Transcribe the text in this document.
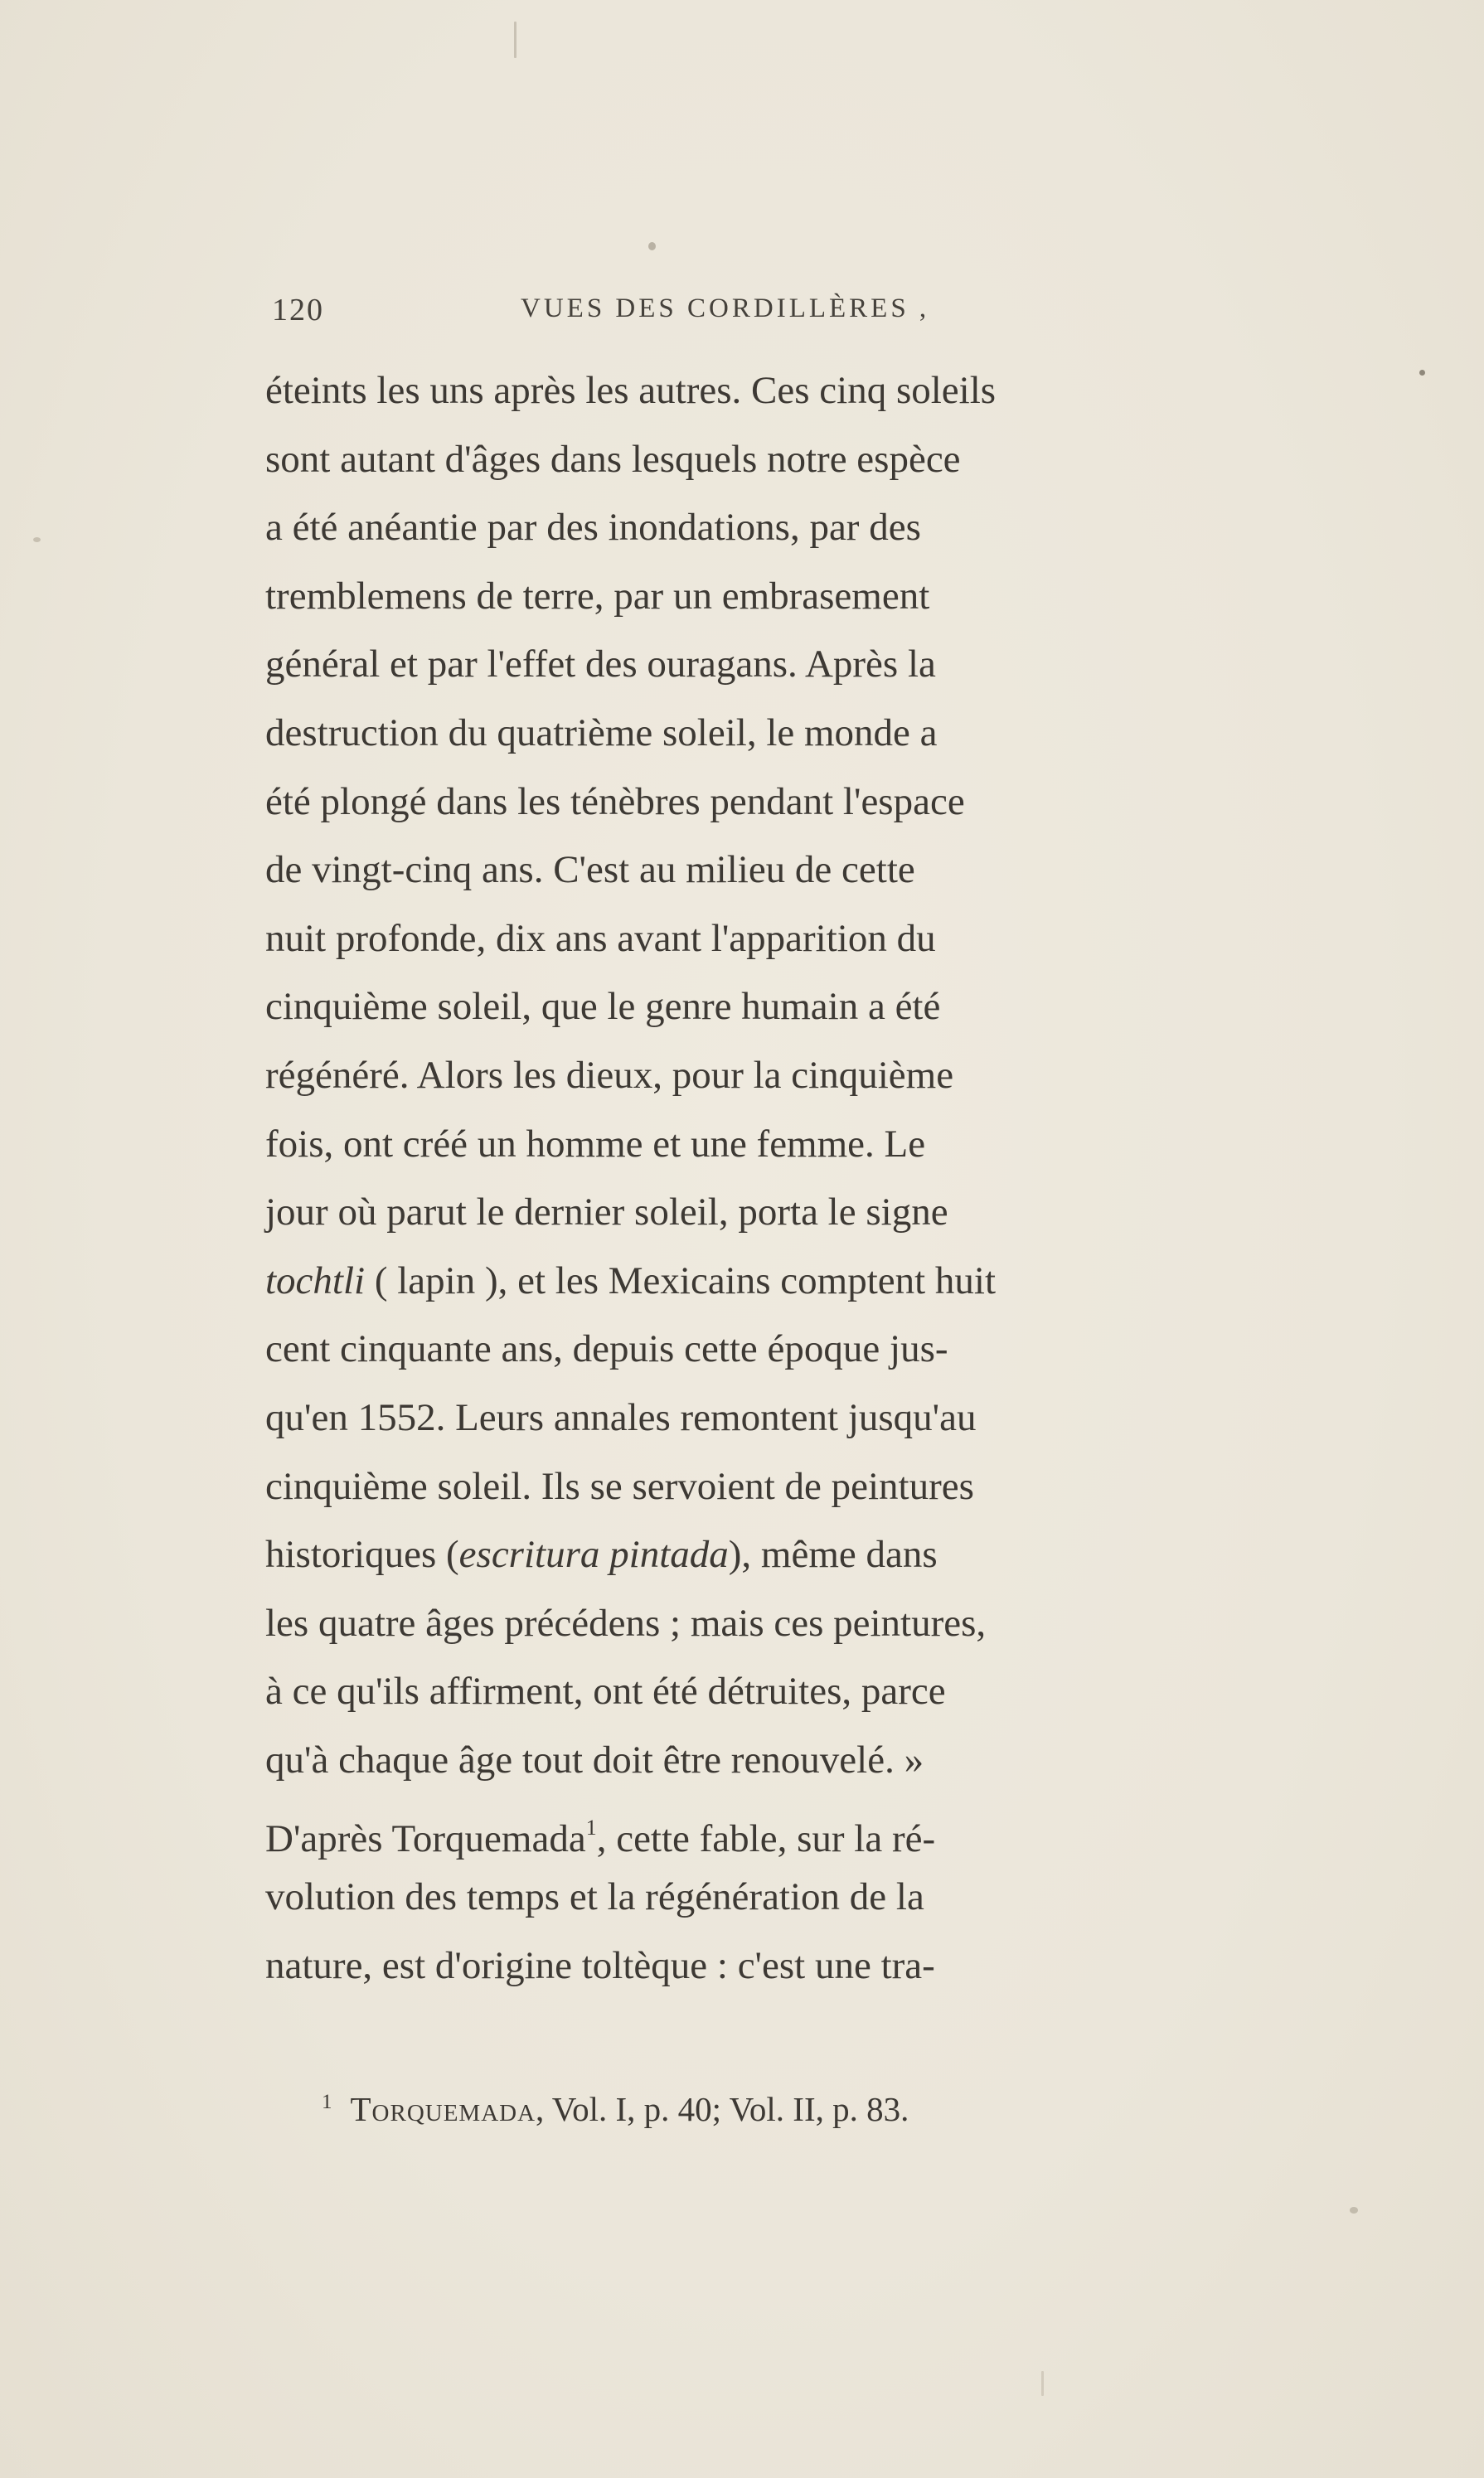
120	VUES DES CORDILLÈRES ,
éteints les uns après les autres. Ces cinq soleils
sont autant d'âges dans lesquels notre espèce
a été anéantie par des inondations, par des
tremblemens de terre, par un embrasement
général et par l'effet des ouragans. Après la
destruction du quatrième soleil, le monde a
été plongé dans les ténèbres pendant l'espace
de vingt-cinq ans. C'est au milieu de cette
nuit profonde, dix ans avant l'apparition du
cinquième soleil, que le genre humain a été
régénéré. Alors les dieux, pour la cinquième
fois, ont créé un homme et une femme. Le
jour où parut le dernier soleil, porta le signe
tochtli ( lapin ), et les Mexicains comptent huit
cent cinquante ans, depuis cette époque jus-
qu'en 1552. Leurs annales remontent jusqu'au
cinquième soleil. Ils se servoient de peintures
historiques (escritura pintada), même dans
les quatre âges précédens ; mais ces peintures,
à ce qu'ils affirment, ont été détruites, parce
qu'à chaque âge tout doit être renouvelé. »
D'après Torquemada$^1$, cette fable, sur la ré-
volution des temps et la régénération de la
nature, est d'origine toltèque : c'est une tra-
$^1$ Torquemada, Vol. I, p. 40; Vol. II, p. 83.
